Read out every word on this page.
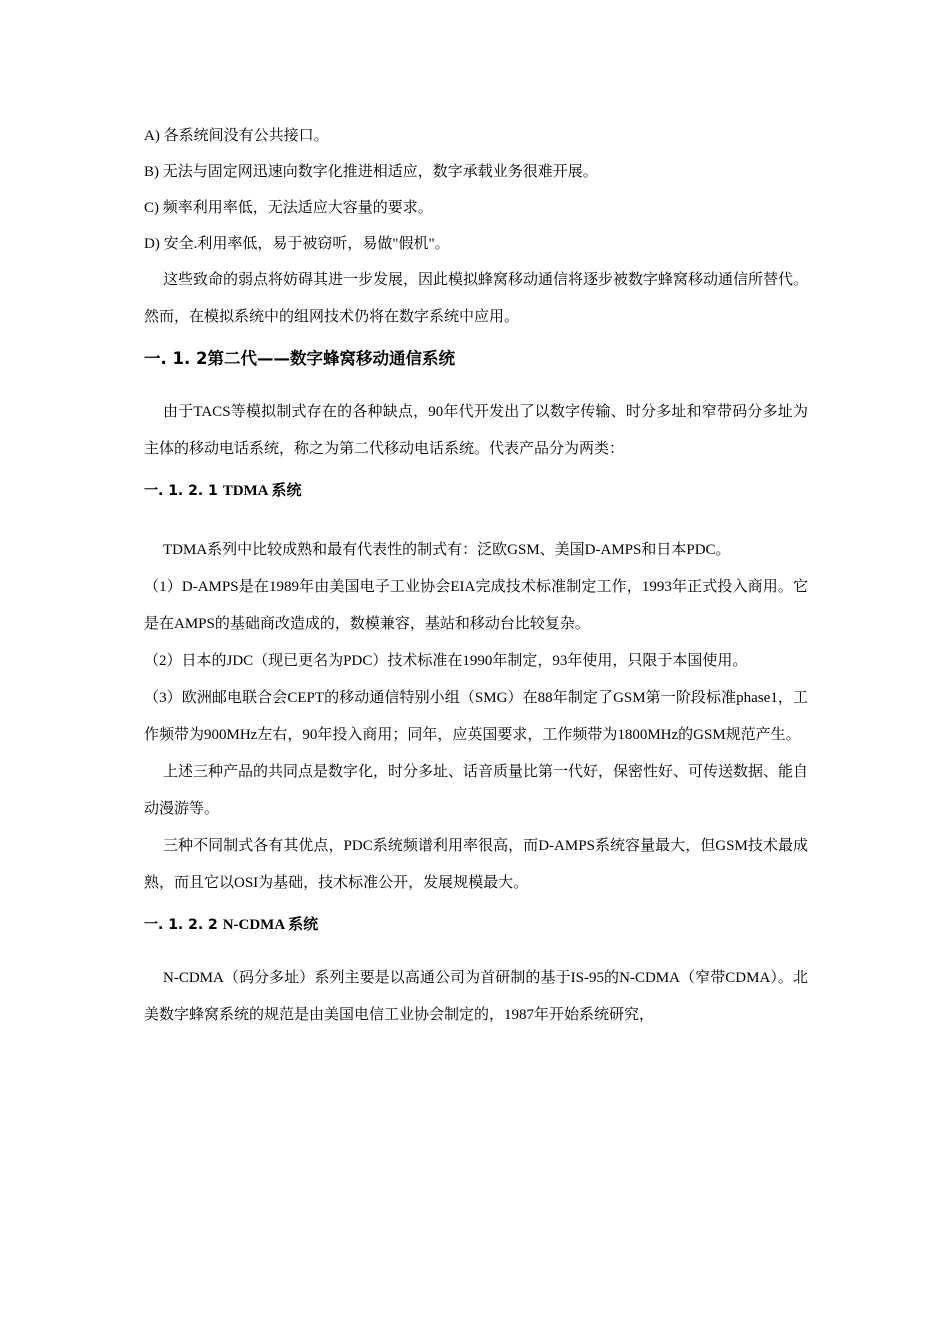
A) 各系统间没有公共接口。

B) 无法与固定网迅速向数字化推进相适应，数字承载业务很难开展。

C) 频率利用率低，无法适应大容量的要求。

D) 安全.利用率低，易于被窃听，易做"假机"。

这些致命的弱点将妨碍其进一步发展，因此模拟蜂窝移动通信将逐步被数字蜂窝移动通信所替代。然而，在模拟系统中的组网技术仍将在数字系统中应用。

一. 1. 2第二代——数字蜂窝移动通信系统

由于TACS等模拟制式存在的各种缺点，90年代开发出了以数字传输、时分多址和窄带码分多址为主体的移动电话系统，称之为第二代移动电话系统。代表产品分为两类：

一. 1. 2. 1 TDMA 系统

TDMA系列中比较成熟和最有代表性的制式有：泛欧GSM、美国D-AMPS和日本PDC。

（1）D-AMPS是在1989年由美国电子工业协会EIA完成技术标准制定工作，1993年正式投入商用。它是在AMPS的基础商改造成的，数模兼容，基站和移动台比较复杂。

（2）日本的JDC（现已更名为PDC）技术标准在1990年制定，93年使用，只限于本国使用。

（3）欧洲邮电联合会CEPT的移动通信特别小组（SMG）在88年制定了GSM第一阶段标准phase1，工作频带为900MHz左右，90年投入商用；同年，应英国要求，工作频带为1800MHz的GSM规范产生。

上述三种产品的共同点是数字化，时分多址、话音质量比第一代好，保密性好、可传送数据、能自动漫游等。

三种不同制式各有其优点，PDC系统频谱利用率很高，而D-AMPS系统容量最大，但GSM技术最成熟，而且它以OSI为基础，技术标准公开，发展规模最大。

一. 1. 2. 2 N-CDMA 系统

N-CDMA（码分多址）系列主要是以高通公司为首研制的基于IS-95的N-CDMA（窄带CDMA）。北美数字蜂窝系统的规范是由美国电信工业协会制定的，1987年开始系统研究，
